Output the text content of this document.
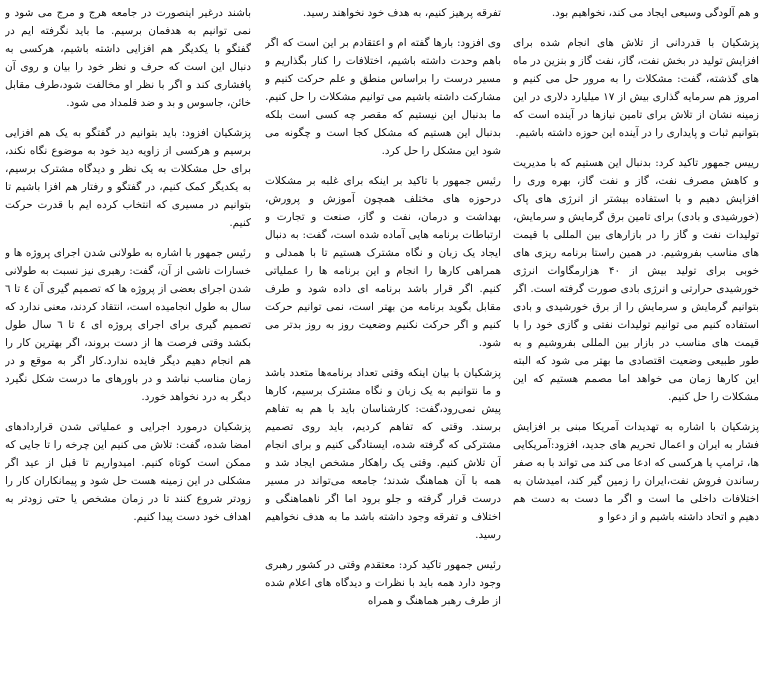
و هم آلودگی وسیعی ایجاد می کند، نخواهیم بود.

پزشکیان با قدردانی از تلاش های انجام شده برای افزایش تولید در بخش نفت، گاز، نفت گاز و بنزین در ماه های گذشته، گفت: مشکلات را به مرور حل می کنیم و امروز هم سرمایه گذاری بیش از ۱۷ میلیارد دلاری در این زمینه نشان از تلاش برای تامین نیازها در آینده است که بتوانیم ثبات و پایداری را در آینده این حوزه داشته باشیم.

رییس جمهور تاکید کرد: بدنبال این هستیم که با مدیریت و کاهش مصرف نفت، گاز و نفت گاز، بهره وری را افزایش دهیم و با استفاده بیشتر از انرژی های پاک (خورشیدی و بادی) برای تامین برق گرمایش و سرمایش، تولیدات نفت و گاز را در بازارهای بین المللی با قیمت های مناسب بفروشیم. در همین راستا برنامه ریزی های خوبی برای تولید بیش از ۴۰ هزارمگاوات انرژی خورشیدی حرارتی و انرژی بادی صورت گرفته است. اگر بتوانیم گرمایش و سرمایش را از برق خورشیدی و بادی استفاده کنیم می توانیم تولیدات نفتی و گازی خود را با قیمت های مناسب در بازار بین المللی بفروشیم و به طور طبیعی وضعیت اقتصادی ما بهتر می شود که البته این کارها زمان می خواهد اما مصمم هستیم که این مشکلات را حل کنیم.

پزشکیان با اشاره به تهدیدات آمریکا مبنی بر افزایش فشار به ایران و اعمال تحریم های جدید، افزود:آمریکایی ها، ترامپ یا هرکسی که ادعا می کند می تواند با به صفر رساندن فروش نفت،ایران را زمین گیر کند، امیدشان به اختلافات داخلی ما است و اگر ما دست به دست هم دهیم و اتحاد داشته باشیم و از دعوا و

تفرقه پرهیز کنیم، به هدف خود نخواهند رسید.

وی افزود: بارها گفته ام و اعتقادم بر این است که اگر باهم وحدت داشته باشیم، اختلافات را کنار بگذاریم و مسیر درست را براساس منطق و علم حرکت کنیم و مشارکت داشته باشیم می توانیم مشکلات را حل کنیم. ما بدنبال این نیستیم که مقصر چه کسی است بلکه بدنبال این هستیم که مشکل کجا است و چگونه می شود این مشکل را حل کرد.

رئیس جمهور با تاکید بر اینکه برای غلبه بر مشکلات درحوزه های مختلف همچون آموزش و پرورش، بهداشت و درمان، نفت و گاز، صنعت و تجارت و ارتباطات برنامه هایی آماده شده است، گفت: به دنبال ایجاد یک زبان و نگاه مشترک هستیم تا با همدلی و همراهی کارها را انجام و این برنامه ها را عملیاتی کنیم. اگر قرار باشد برنامه ای داده شود و طرف مقابل بگوید برنامه من بهتر است، نمی توانیم حرکت کنیم و اگر حرکت نکنیم وضعیت روز به روز بدتر می شود.

پزشکیان با بیان اینکه وقتی تعداد برنامه‌ها متعدد باشد و ما نتوانیم به یک زبان و نگاه مشترک برسیم، کارها پیش نمی‌رود،گفت: کارشناسان باید با هم به تفاهم برسند. وقتی که تفاهم کردیم، باید روی تصمیم مشترکی که گرفته شده، ایستادگی کنیم و برای انجام آن تلاش کنیم. وقتی یک راهکار مشخص ایجاد شد و همه با آن هماهنگ شدند؛ جامعه می‌تواند در مسیر درست قرار گرفته و جلو برود اما اگر ناهماهنگی و اختلاف و تفرقه وجود داشته باشد ما به هدف نخواهیم رسید.

رئیس جمهور تاکید کرد: معتقدم وقتی در کشور رهبری وجود دارد همه باید با نظرات و دیدگاه های اعلام شده از طرف رهبر هماهنگ و همراه

باشند درغیر اینصورت در جامعه هرج و مرج می شود و نمی توانیم به هدفمان برسیم. ما باید نگرفته ایم در گفتگو با یکدیگر هم افزایی داشته باشیم، هرکسی به دنبال این است که حرف و نظر خود را بیان و روی آن پافشاری کند و اگر با نظر او مخالفت شود،طرف مقابل خائن، جاسوس و بد و ضد قلمداد می شود.

پزشکیان افزود: باید بتوانیم در گفتگو به یک هم افزایی برسیم و هرکسی از زاویه دید خود به موضوع نگاه نکند، برای حل مشکلات به یک نظر و دیدگاه مشترک برسیم، به یکدیگر کمک کنیم، در گفتگو و رفتار هم افزا باشیم تا بتوانیم در مسیری که انتخاب کرده ایم با قدرت حرکت کنیم.

رئیس جمهور با اشاره به طولانی شدن اجرای پروژه ها و خسارات ناشی از آن، گفت: رهبری نیز نسبت به طولانی شدن اجرای بعضی از پروژه ها که تصمیم گیری آن ٤ تا ٦ سال به طول انجامیده است، انتقاد کردند، معنی ندارد که تصمیم گیری برای اجرای پروژه ای ٤ تا ٦ سال طول بکشد وقتی فرصت ها از دست بروند، اگر بهترین کار را هم انجام دهیم دیگر فایده ندارد.کار اگر به موقع و در زمان مناسب نباشد و در باورهای ما درست شکل نگیرد دیگر به درد نخواهد خورد.

پزشکیان درمورد اجرایی و عملیاتی شدن قراردادهای امضا شده، گفت: تلاش می کنیم این چرخه را تا جایی که ممکن است کوتاه کنیم. امیدواریم تا قبل از عید اگر مشکلی در این زمینه هست حل شود و پیمانکاران کار را زودتر شروع کنند تا در زمان مشخص یا حتی زودتر به اهداف خود دست پیدا کنیم.
